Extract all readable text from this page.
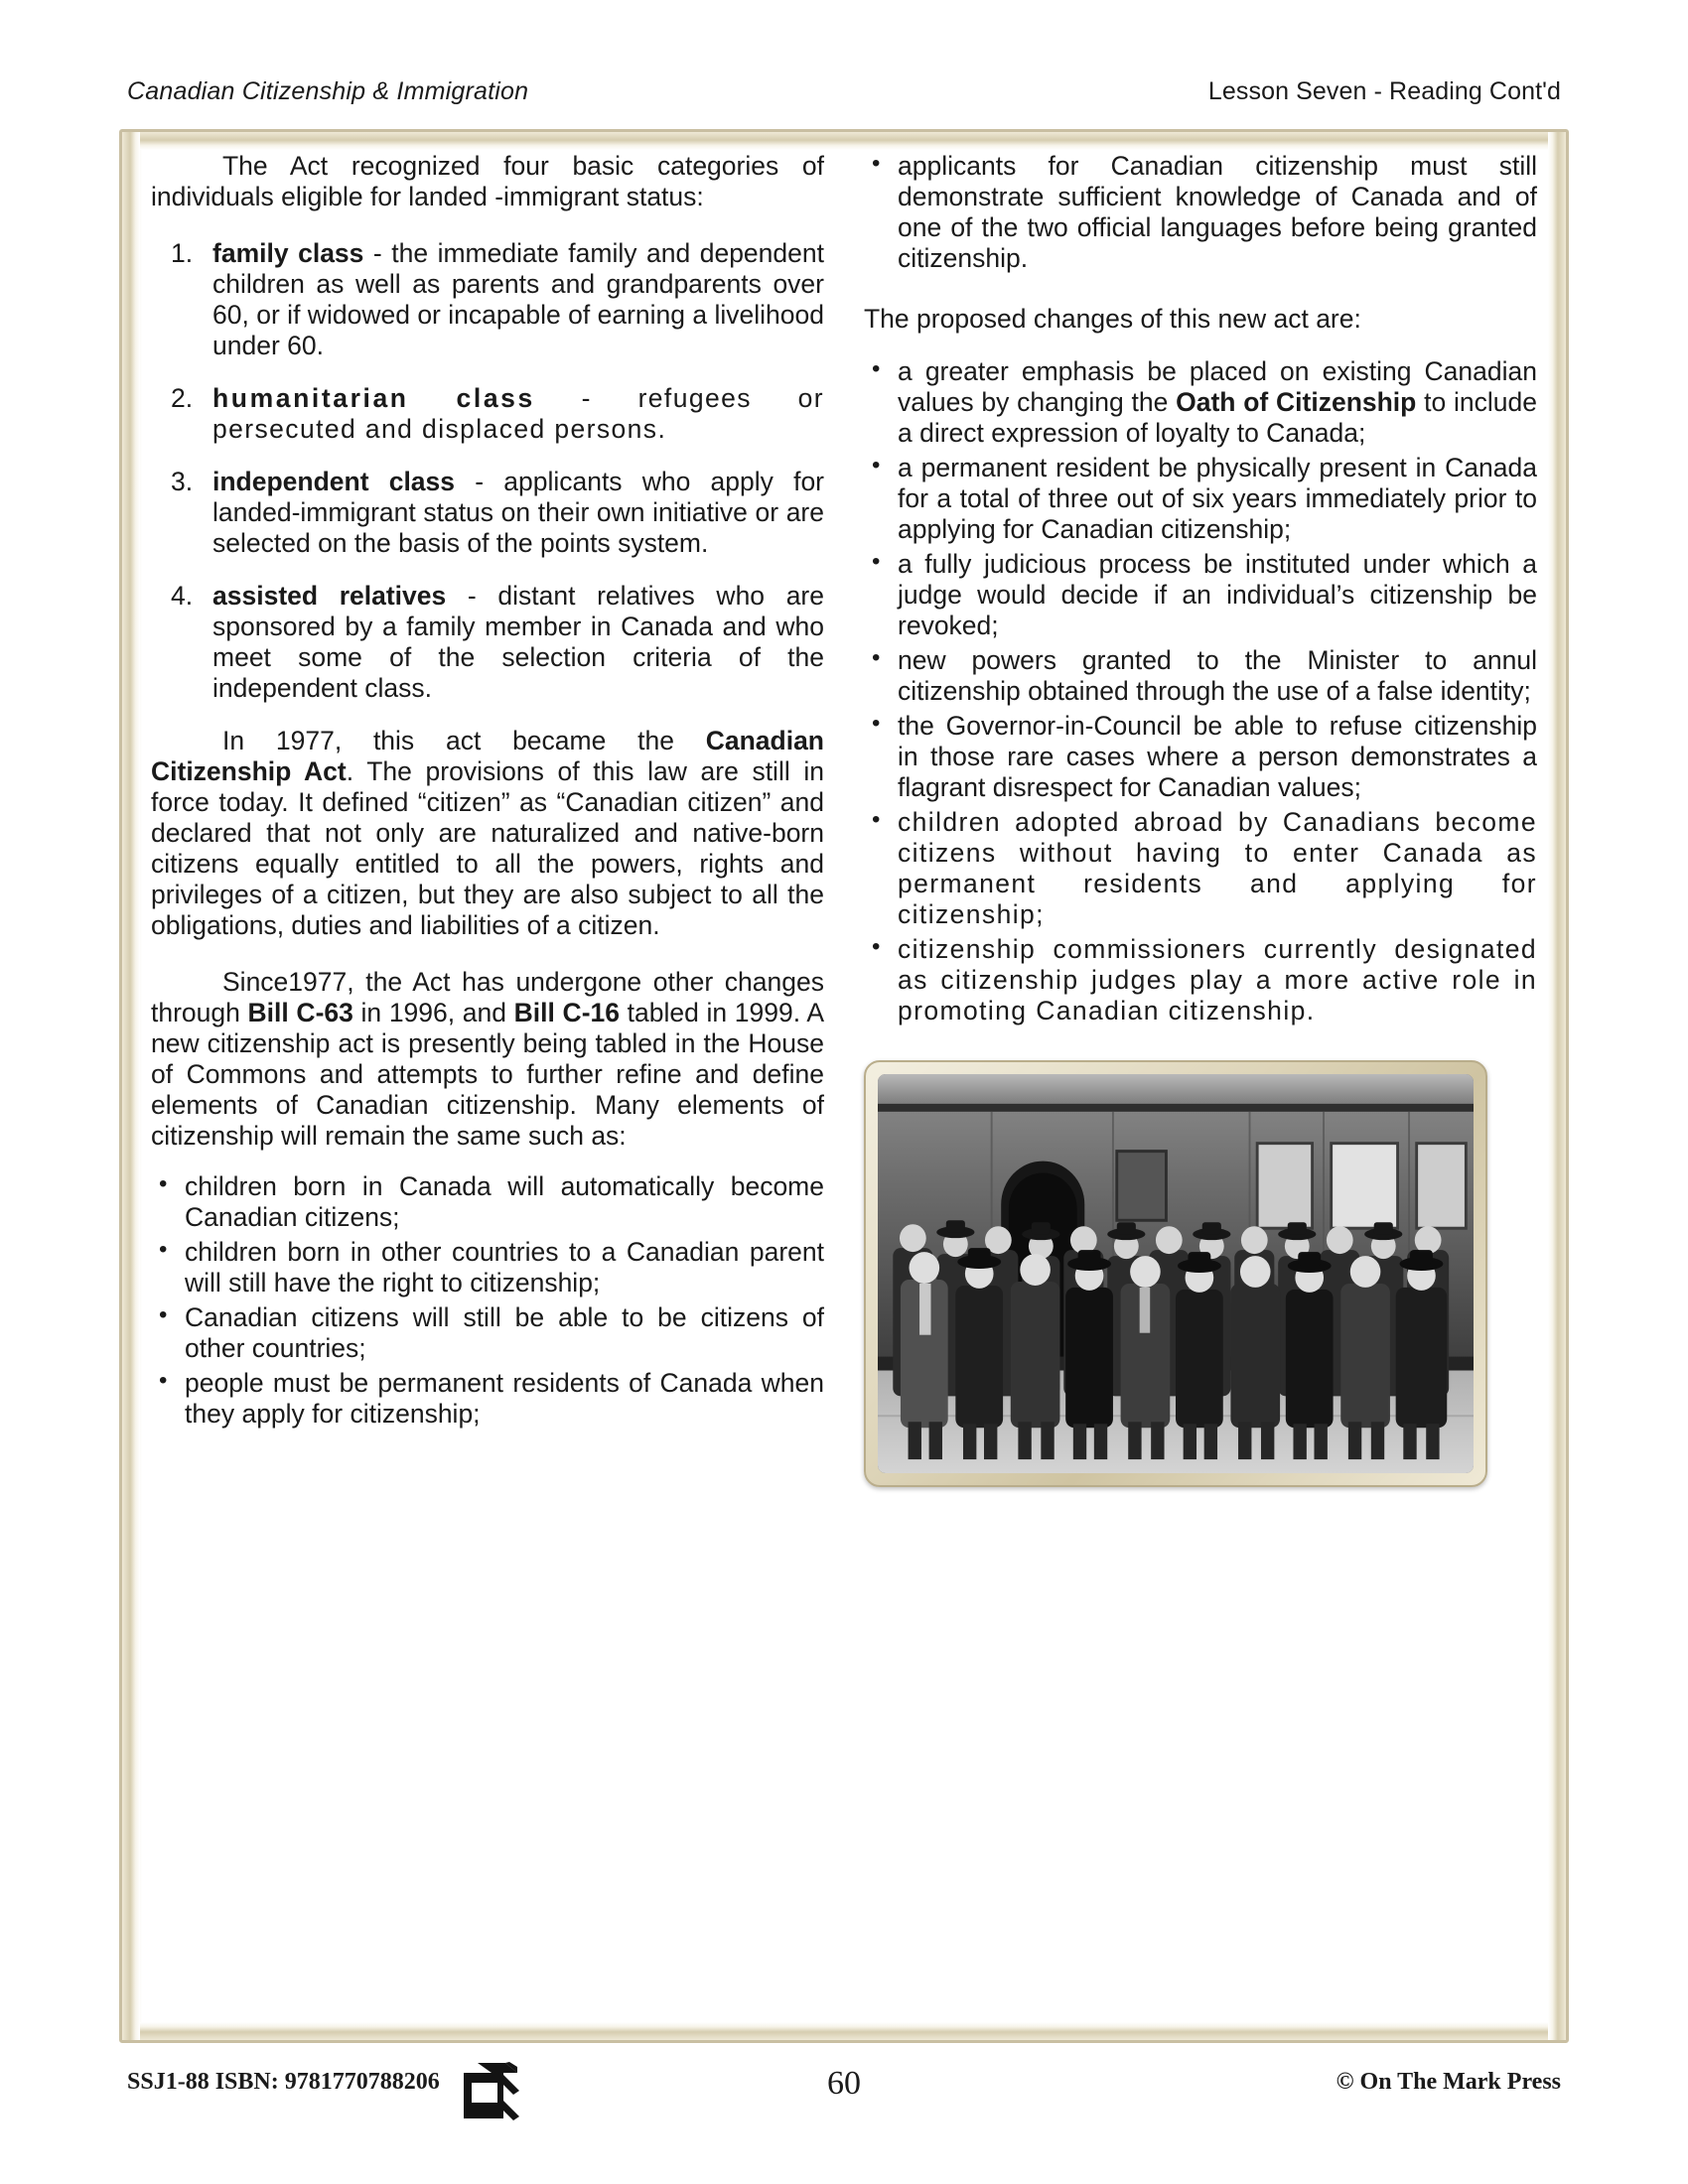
Canadian Citizenship & Immigration	Lesson Seven - Reading Cont'd

The Act recognized four basic categories of individuals eligible for landed -immigrant status:

family class - the immediate family and dependent children as well as parents and grandparents over 60, or if widowed or incapable of earning a livelihood under 60.
humanitarian class - refugees or persecuted and displaced persons.
independent class - applicants who apply for landed-immigrant status on their own initiative or are selected on the basis of the points system.
assisted relatives - distant relatives who are sponsored by a family member in Canada and who meet some of the selection criteria of the independent class.

In 1977, this act became the Canadian Citizenship Act. The provisions of this law are still in force today. It defined “citizen” as “Canadian citizen” and declared that not only are naturalized and native-born citizens equally entitled to all the powers, rights and privileges of a citizen, but they are also subject to all the obligations, duties and liabilities of a citizen.

Since1977, the Act has undergone other changes through Bill C-63 in 1996, and Bill C-16 tabled in 1999. A new citizenship act is presently being tabled in the House of Commons and attempts to further refine and define elements of Canadian citizenship. Many elements of citizenship will remain the same such as:

• children born in Canada will automatically become Canadian citizens;
• children born in other countries to a Canadian parent will still have the right to citizenship;
• Canadian citizens will still be able to be citizens of other countries;
• people must be permanent residents of Canada when they apply for citizenship;
• applicants for Canadian citizenship must still demonstrate sufficient knowledge of Canada and of one of the two official languages before being granted citizenship.

The proposed changes of this new act are:

• a greater emphasis be placed on existing Canadian values by changing the Oath of Citizenship to include a direct expression of loyalty to Canada;
• a permanent resident be physically present in Canada for a total of three out of six years immediately prior to applying for Canadian citizenship;
• a fully judicious process be instituted under which a judge would decide if an individual’s citizenship be revoked;
• new powers granted to the Minister to annul citizenship obtained through the use of a false identity;
• the Governor-in-Council be able to refuse citizenship in those rare cases where a person demonstrates a flagrant disrespect for Canadian values;
• children adopted abroad by Canadians become citizens without having to enter Canada as permanent residents and applying for citizenship;
• citizenship commissioners currently designated as citizenship judges play a more active role in promoting Canadian citizenship.
SSJ1-88 ISBN: 9781770788206	60	© On The Mark Press
